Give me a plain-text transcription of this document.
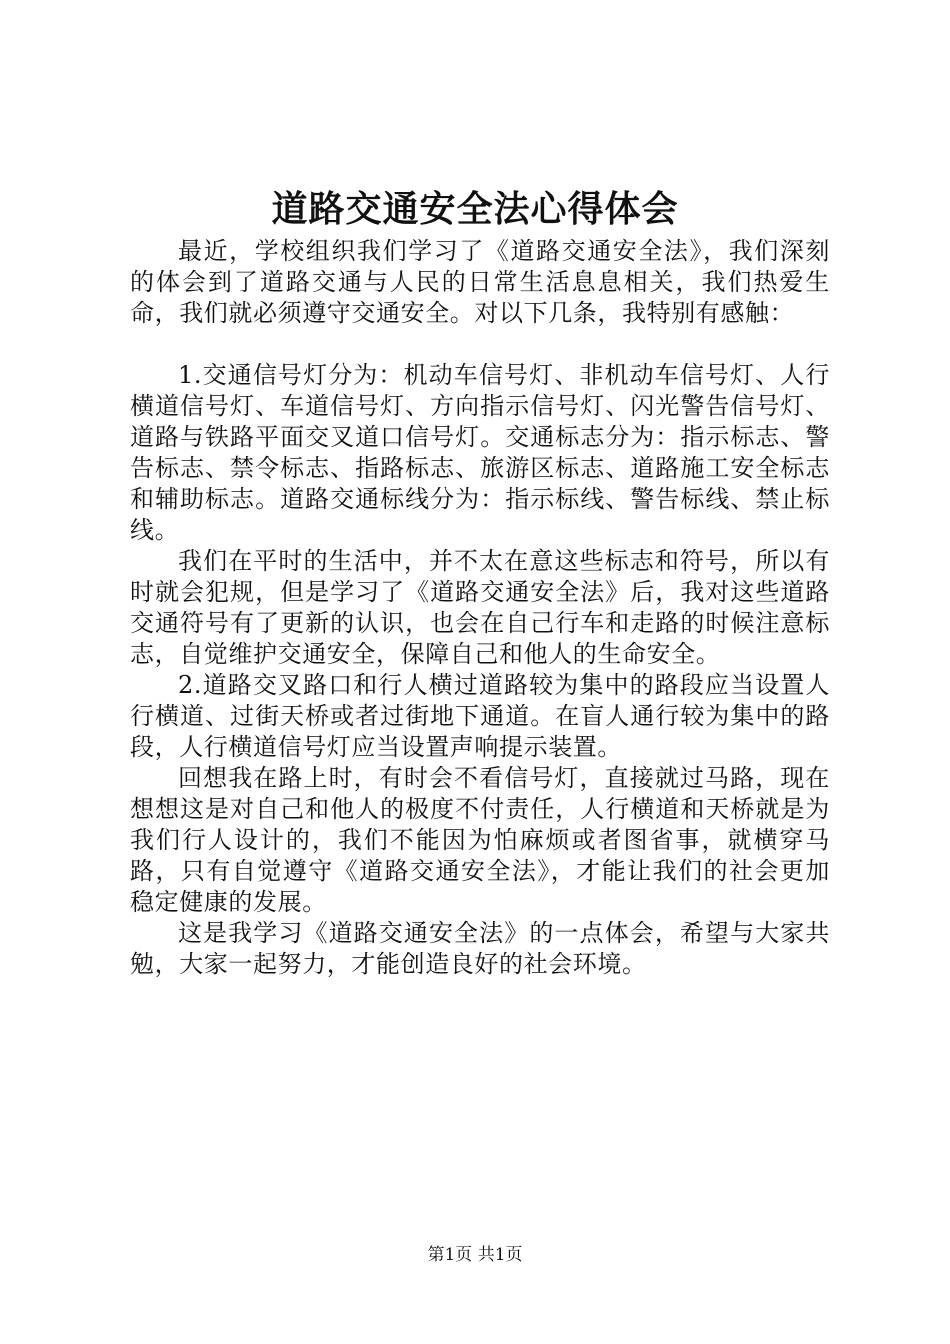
道路交通安全法心得体会

最近，学校组织我们学习了《道路交通安全法》，我们深刻的体会到了道路交通与人民的日常生活息息相关，我们热爱生命，我们就必须遵守交通安全。对以下几条，我特别有感触：

1.交通信号灯分为：机动车信号灯、非机动车信号灯、人行横道信号灯、车道信号灯、方向指示信号灯、闪光警告信号灯、道路与铁路平面交叉道口信号灯。交通标志分为：指示标志、警告标志、禁令标志、指路标志、旅游区标志、道路施工安全标志和辅助标志。道路交通标线分为：指示标线、警告标线、禁止标线。

我们在平时的生活中，并不太在意这些标志和符号，所以有时就会犯规，但是学习了《道路交通安全法》后，我对这些道路交通符号有了更新的认识，也会在自己行车和走路的时候注意标志，自觉维护交通安全，保障自己和他人的生命安全。

2.道路交叉路口和行人横过道路较为集中的路段应当设置人行横道、过街天桥或者过街地下通道。在盲人通行较为集中的路段，人行横道信号灯应当设置声响提示装置。

回想我在路上时，有时会不看信号灯，直接就过马路，现在想想这是对自己和他人的极度不付责任，人行横道和天桥就是为我们行人设计的，我们不能因为怕麻烦或者图省事，就横穿马路，只有自觉遵守《道路交通安全法》，才能让我们的社会更加稳定健康的发展。

这是我学习《道路交通安全法》的一点体会，希望与大家共勉，大家一起努力，才能创造良好的社会环境。

第1页 共1页
